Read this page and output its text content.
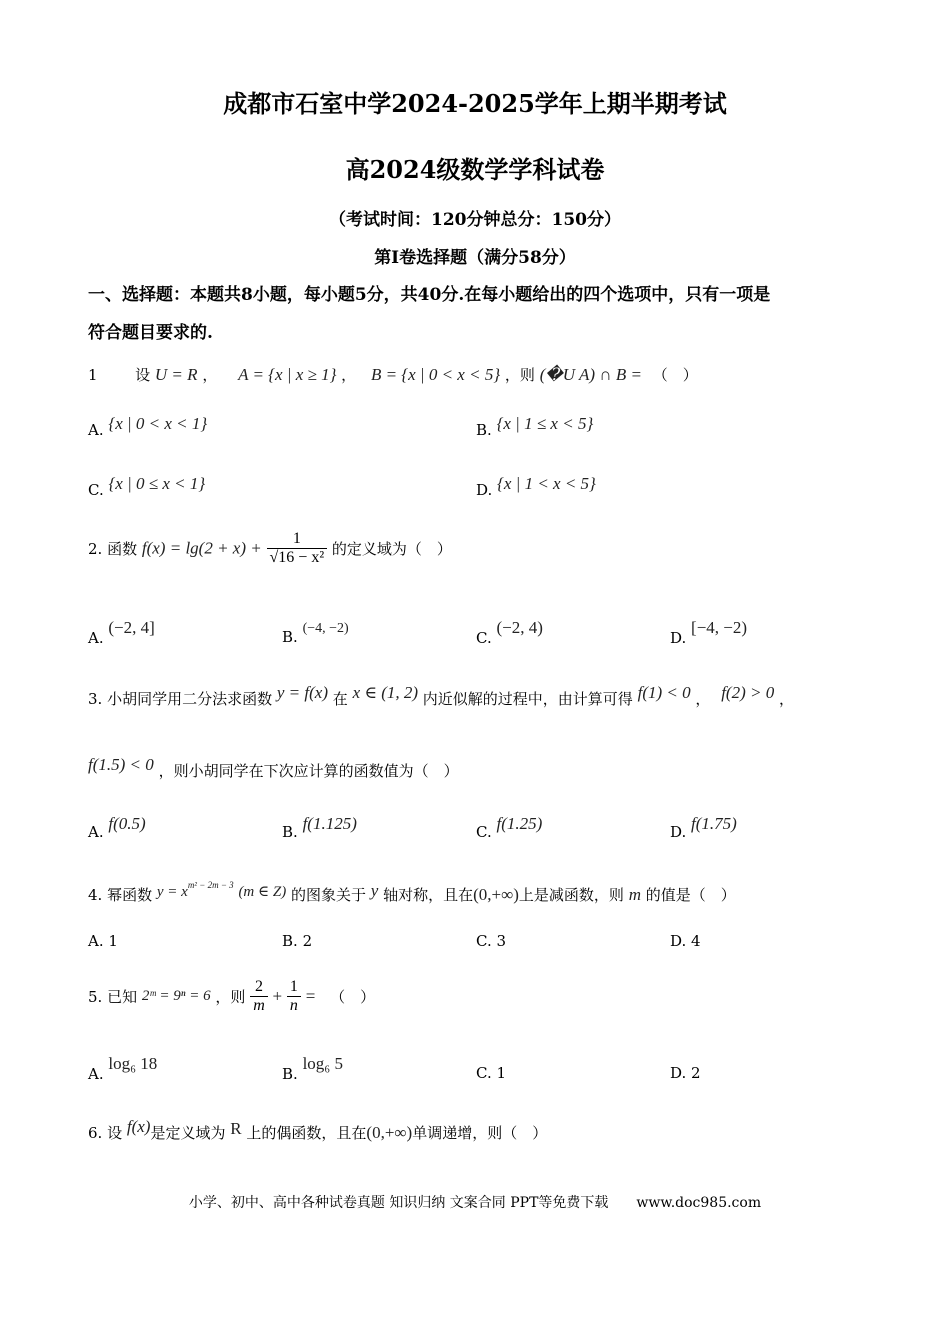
成都市石室中学2024-2025学年上期半期考试
高2024级数学学科试卷
（考试时间：120分钟总分：150分）
第I卷选择题（满分58分）
一、选择题：本题共8小题，每小题5分，共40分.在每小题给出的四个选项中，只有一项是
符合题目要求的.
1	设 U = R ， A = {x | x ≥ 1} ， B = {x | 0 < x < 5} ，则 (�U A) ∩ B = （　）
A. {x | 0 < x < 1}	B. {x | 1 ≤ x < 5}
C. {x | 0 ≤ x < 1}	D. {x | 1 < x < 5}
2. 函数 $f(x) = \lg(2 + x) + \frac{1}{\text{√16 − x²}}$ 的定义域为（　）
A. (−2, 4]	B. (−4, −2)
C. (−2, 4)
D. [−4, −2)
3. 小胡同学用二分法求函数 y = f(x) 在 x ∈ (1, 2) 内近似解的过程中，由计算可得 f(1) < 0 ， f(2) > 0 ，
f(1.5) < 0 ，则小胡同学在下次应计算的函数值为（　）
A. f(0.5)	B. f(1.125)	C. f(1.25)	D. f(1.75)
4. 幂函数 $y = x^{m^2 - 2m - 3}$ (m ∈ Z) 的图象关于 y 轴对称，且在(0,+∞)上是减函数，则 m 的值是（　）
A. 1	B. 2	C. 3	D. 4
5. 已知 2ᵐ = 9ⁿ = 6 ，则 $\frac{2}{m} + \frac{1}{n}$ = （　）
A. log₆ 18
B. log₆ 5	C. 1	D. 2
6. 设 f(x)是定义域为 R 上的偶函数，且在(0,+∞)单调递增，则（　）
小学、初中、高中各种试卷真题 知识归纳 文案合同 PPT等免费下载　　www.doc985.com
